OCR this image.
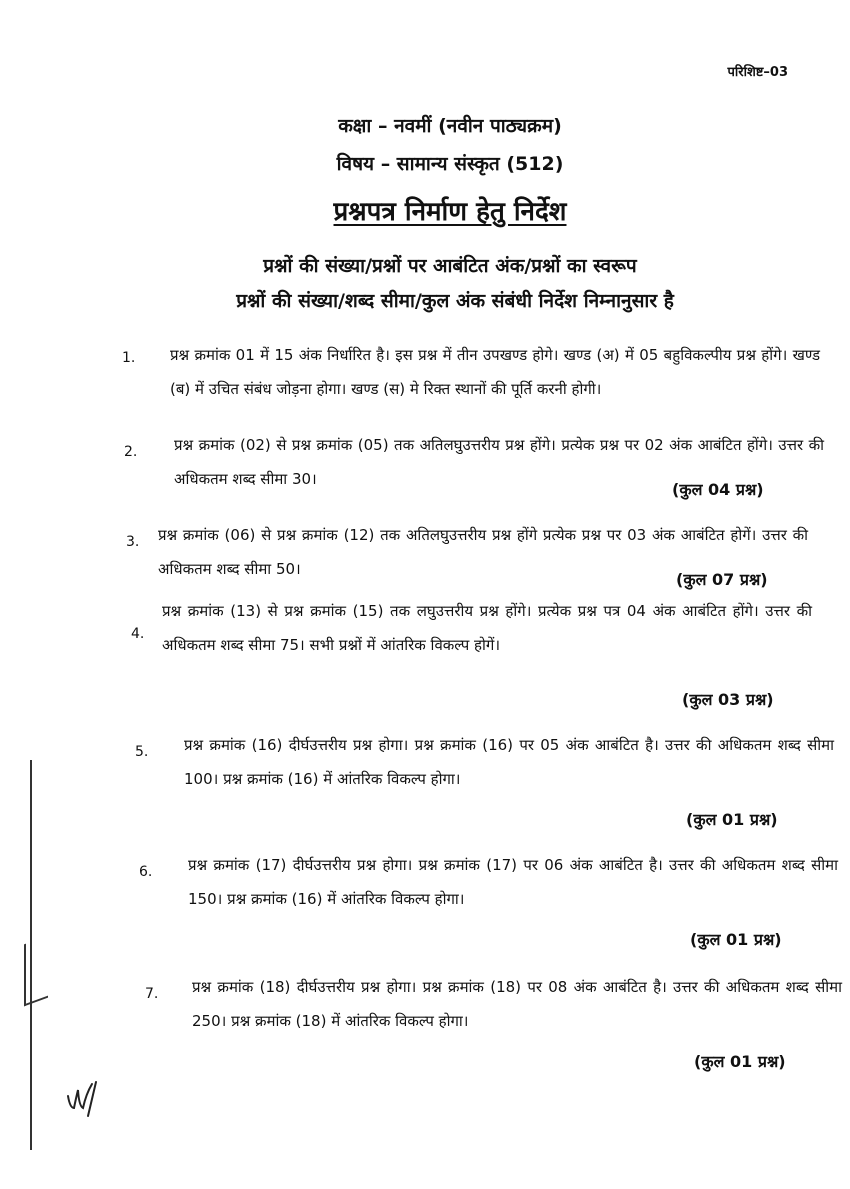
परिशिष्ट–03
कक्षा – नवमीं (नवीन पाठ्यक्रम)
विषय – सामान्य संस्कृत (512)
प्रश्नपत्र निर्माण हेतु निर्देश
प्रश्नों की संख्या/प्रश्नों पर आबंटित अंक/प्रश्नों का स्वरूप
प्रश्नों की संख्या/शब्द सीमा/कुल अंक संबंधी निर्देश निम्नानुसार है
1. प्रश्न क्रमांक 01 में 15 अंक निर्धारित है। इस प्रश्न में तीन उपखण्ड होगे। खण्ड (अ) में 05 बहुविकल्पीय प्रश्न होंगे। खण्ड (ब) में उचित संबंध जोड़ना होगा। खण्ड (स) मे रिक्त स्थानों की पूर्ति करनी होगी।
2. प्रश्न क्रमांक (02) से प्रश्न क्रमांक (05) तक अतिलघुउत्तरीय प्रश्न होंगे। प्रत्येक प्रश्न पर 02 अंक आबंटित होंगे। उत्तर की अधिकतम शब्द सीमा 30।
(कुल 04 प्रश्न)
3. प्रश्न क्रमांक (06) से प्रश्न क्रमांक (12) तक अतिलघुउत्तरीय प्रश्न होंगे प्रत्येक प्रश्न पर 03 अंक आबंटित होगें। उत्तर की अधिकतम शब्द सीमा 50।
(कुल 07 प्रश्न)
4.
प्रश्न क्रमांक (13) से प्रश्न क्रमांक (15) तक लघुउत्तरीय प्रश्न होंगे। प्रत्येक प्रश्न पत्र 04 अंक आबंटित होंगे। उत्तर की अधिकतम शब्द सीमा 75। सभी प्रश्नों में आंतरिक विकल्प होगें।
(कुल 03 प्रश्न)
5. प्रश्न क्रमांक (16) दीर्घउत्तरीय प्रश्न होगा। प्रश्न क्रमांक (16) पर 05 अंक आबंटित है। उत्तर की अधिकतम शब्द सीमा 100। प्रश्न क्रमांक (16) में आंतरिक विकल्प होगा।
(कुल 01 प्रश्न)
6. प्रश्न क्रमांक (17) दीर्घउत्तरीय प्रश्न होगा। प्रश्न क्रमांक (17) पर 06 अंक आबंटित है। उत्तर की अधिकतम शब्द सीमा 150। प्रश्न क्रमांक (16) में आंतरिक विकल्प होगा।
(कुल 01 प्रश्न)
7. प्रश्न क्रमांक (18) दीर्घउत्तरीय प्रश्न होगा। प्रश्न क्रमांक (18) पर 08 अंक आबंटित है। उत्तर की अधिकतम शब्द सीमा 250। प्रश्न क्रमांक (18) में आंतरिक विकल्प होगा।
(कुल 01 प्रश्न)
